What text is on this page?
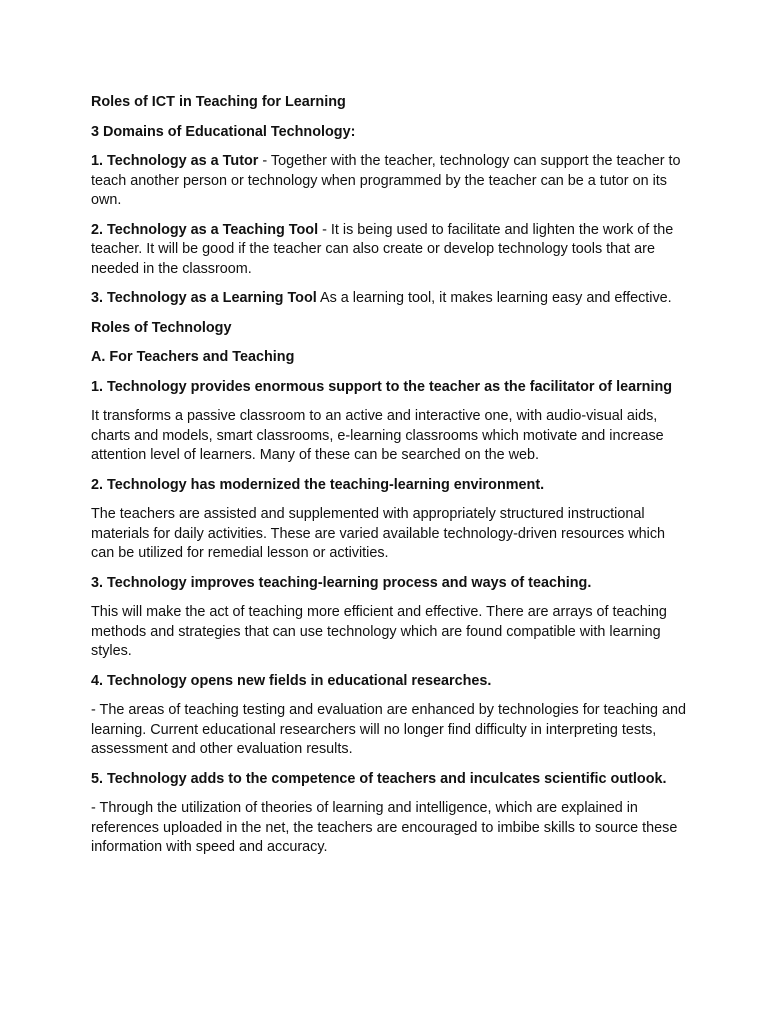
Roles of ICT in Teaching for Learning

3 Domains of Educational Technology:

1. Technology as a Tutor - Together with the teacher, technology can support the teacher to teach another person or technology when programmed by the teacher can be a tutor on its own.

2. Technology as a Teaching Tool - It is being used to facilitate and lighten the work of the teacher. It will be good if the teacher can also create or develop technology tools that are needed in the classroom.

3. Technology as a Learning Tool As a learning tool, it makes learning easy and effective.

Roles of Technology

A. For Teachers and Teaching

1. Technology provides enormous support to the teacher as the facilitator of learning

It transforms a passive classroom to an active and interactive one, with audio-visual aids, charts and models, smart classrooms, e-learning classrooms which motivate and increase attention level of learners. Many of these can be searched on the web.

2. Technology has modernized the teaching-learning environment.

The teachers are assisted and supplemented with appropriately structured instructional materials for daily activities. These are varied available technology-driven resources which can be utilized for remedial lesson or activities.

3. Technology improves teaching-learning process and ways of teaching.

This will make the act of teaching more efficient and effective. There are arrays of teaching methods and strategies that can use technology which are found compatible with learning styles.

4. Technology opens new fields in educational researches.

- The areas of teaching testing and evaluation are enhanced by technologies for teaching and learning. Current educational researchers will no longer find difficulty in interpreting tests, assessment and other evaluation results.

5. Technology adds to the competence of teachers and inculcates scientific outlook.

- Through the utilization of theories of learning and intelligence, which are explained in references uploaded in the net, the teachers are encouraged to imbibe skills to source these information with speed and accuracy.
